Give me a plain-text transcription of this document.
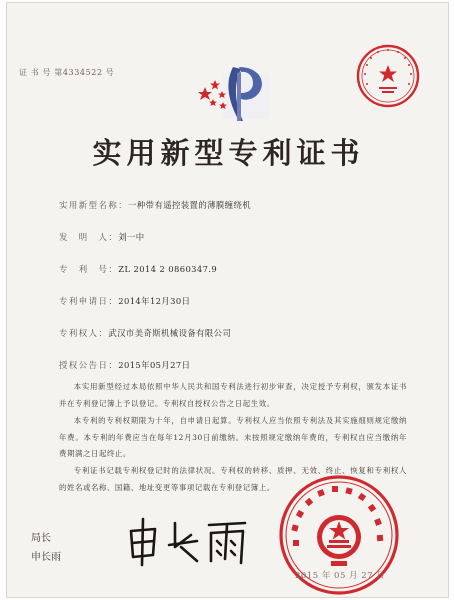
证 书 号 第4334522 号
实用新型专利证书
实用新型名称：一种带有遥控装置的薄膜缠绕机
发　明　人：刘一中
专　利　号：ZL 2014 2 0860347.9
专利申请日：2014年12月30日
专利权人：武汉市美奇斯机械设备有限公司
授权公告日：2015年05月27日
本实用新型经过本局依照中华人民共和国专利法进行初步审查，决定授予专利权，颁发本证书并在专利登记簿上予以登记。专利权自授权公告之日起生效。
本专利的专利权期限为十年，自申请日起算。专利权人应当依照专利法及其实施细则规定缴纳年费。本专利的年费应当在每年12月30日前缴纳。未按照规定缴纳年费的，专利权自应当缴纳年费期满之日起终止。
专利证书记载专利权登记时的法律状况。专利权的转移、质押、无效、终止、恢复和专利权人的姓名或名称、国籍、地址变更等事项记载在专利登记簿上。
局长
申长雨
2015 年 05 月 27 日
